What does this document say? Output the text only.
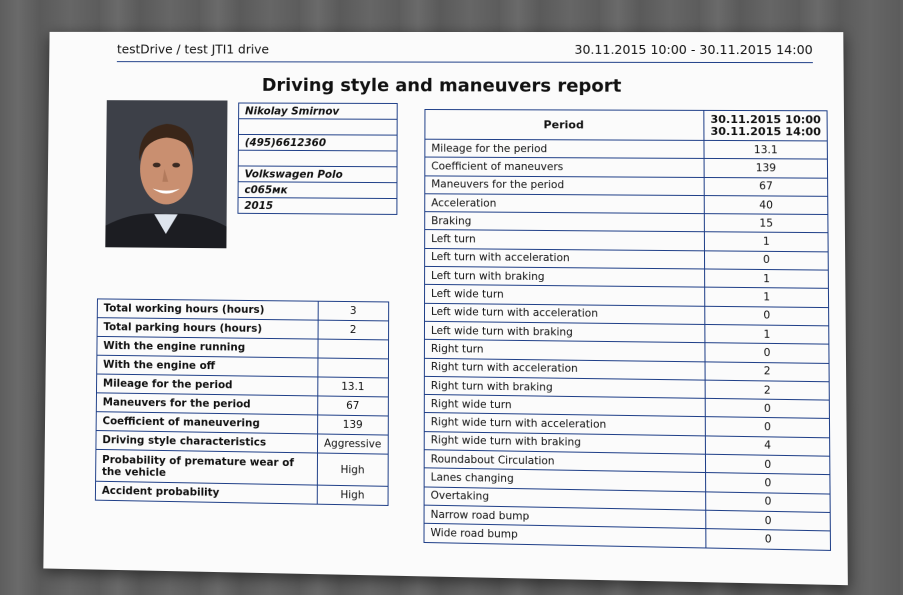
testDrive / test JTI1 drive	30.11.2015 10:00 - 30.11.2015 14:00
Driving style and maneuvers report
Nikolay Smirnov

(495)6612360

Volkswagen Polo
с065мк
2015
Total working hours (hours)	3
Total parking hours (hours)	2
With the engine running	
With the engine off	
Mileage for the period	13.1
Maneuvers for the period	67
Coefficient of maneuvering	139
Driving style characteristics	Aggressive
Probability of premature wear of the vehicle	High
Accident probability	High
Period	30.11.2015 10:00
30.11.2015 14:00

Mileage for the period	13.1
Coefficient of maneuvers	139
Maneuvers for the period	67
Acceleration	40
Braking	15
Left turn	1
Left turn with acceleration	0
Left turn with braking	1
Left wide turn	1
Left wide turn with acceleration	0
Left wide turn with braking	1
Right turn	0
Right turn with acceleration	2
Right turn with braking	2
Right wide turn	0
Right wide turn with acceleration	0
Right wide turn with braking	4
Roundabout Circulation	0
Lanes changing	0
Overtaking	0
Narrow road bump	0
Wide road bump	0
